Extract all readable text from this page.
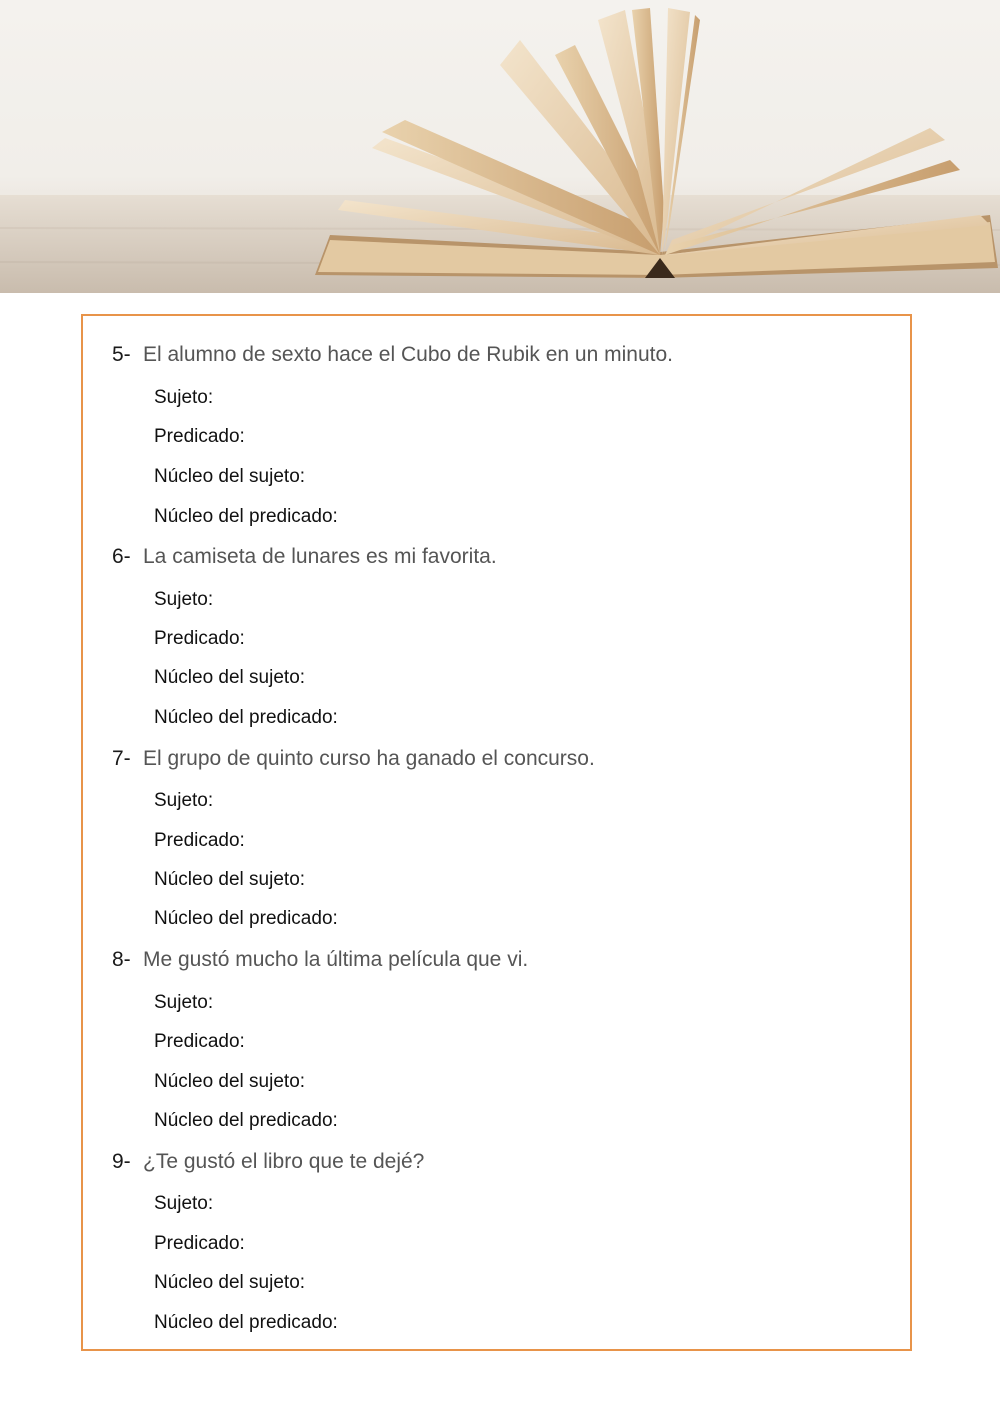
5- El alumno de sexto hace el Cubo de Rubik en un minuto.
Sujeto:
Predicado:
Núcleo del sujeto:
Núcleo del predicado:
6- La camiseta de lunares es mi favorita.
Sujeto:
Predicado:
Núcleo del sujeto:
Núcleo del predicado:
7- El grupo de quinto curso ha ganado el concurso.
Sujeto:
Predicado:
Núcleo del sujeto:
Núcleo del predicado:
8- Me gustó mucho la última película que vi.
Sujeto:
Predicado:
Núcleo del sujeto:
Núcleo del predicado:
9- ¿Te gustó el libro que te dejé?
Sujeto:
Predicado:
Núcleo del sujeto:
Núcleo del predicado:
